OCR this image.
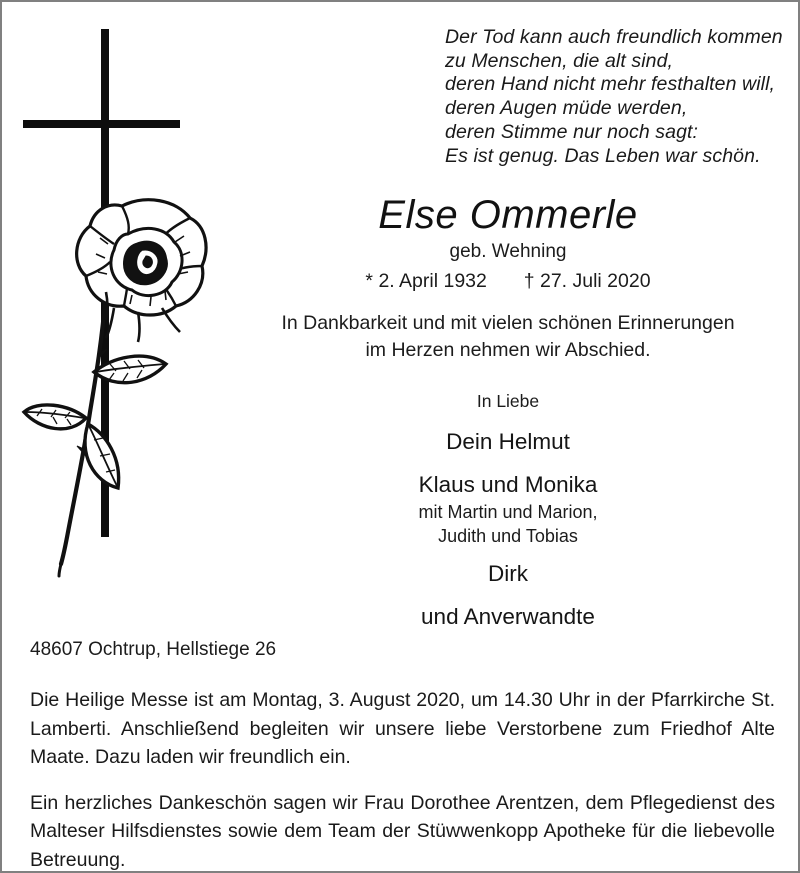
Der Tod kann auch freundlich kommen
zu Menschen, die alt sind,
deren Hand nicht mehr festhalten will,
deren Augen müde werden,
deren Stimme nur noch sagt:
Es ist genug. Das Leben war schön.
Else Ommerle
geb. Wehning
* 2. April 1932 † 27. Juli 2020
In Dankbarkeit und mit vielen schönen Erinnerungen
im Herzen nehmen wir Abschied.
In Liebe
Dein Helmut
Klaus und Monika
mit Martin und Marion,
Judith und Tobias
Dirk
und Anverwandte
48607 Ochtrup, Hellstiege 26

Die Heilige Messe ist am Montag, 3. August 2020, um 14.30 Uhr in der Pfarrkirche St. Lamberti. Anschließend begleiten wir unsere liebe Verstorbene zum Friedhof Alte Maate. Dazu laden wir freundlich ein.

Ein herzliches Dankeschön sagen wir Frau Dorothee Arentzen, dem Pflegedienst des Malteser Hilfsdienstes sowie dem Team der Stüwwenkopp Apotheke für die liebevolle Betreuung.
